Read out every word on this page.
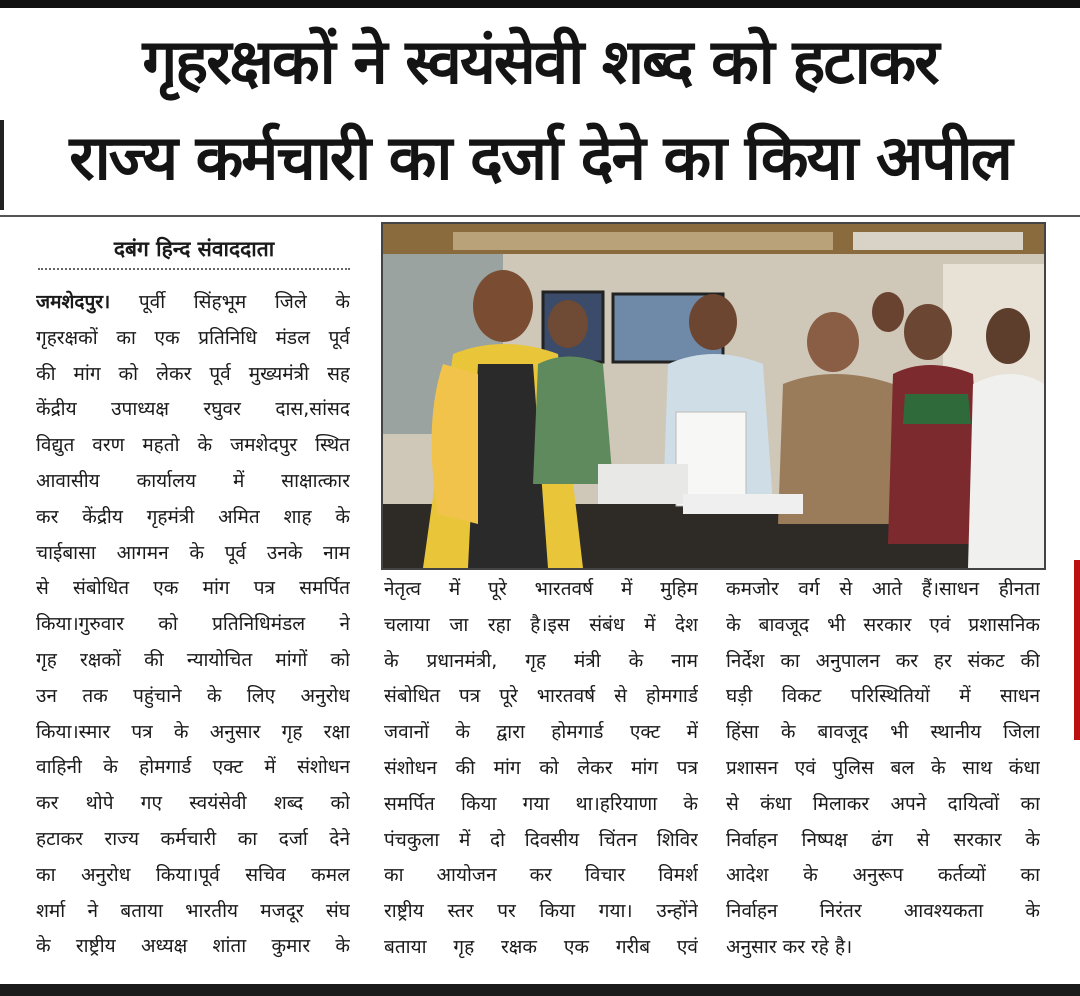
गृहरक्षकों ने स्वयंसेवी शब्द को हटाकर
राज्य कर्मचारी का दर्जा देने का किया अपील
दबंग हिन्द संवाददाता
जमशेदपुर। पूर्वी सिंहभूम जिले के
गृहरक्षकों का एक प्रतिनिधि मंडल पूर्व
की मांग को लेकर पूर्व मुख्यमंत्री सह
केंद्रीय उपाध्यक्ष रघुवर दास,सांसद
विद्युत वरण महतो के जमशेदपुर स्थित
आवासीय कार्यालय में साक्षात्कार
कर केंद्रीय गृहमंत्री अमित शाह के
चाईबासा आगमन के पूर्व उनके नाम
से संबोधित एक मांग पत्र समर्पित
किया।गुरुवार को प्रतिनिधिमंडल ने
गृह रक्षकों की न्यायोचित मांगों को
उन तक पहुंचाने के लिए अनुरोध
किया।स्मार पत्र के अनुसार गृह रक्षा
वाहिनी के होमगार्ड एक्ट में संशोधन
कर थोपे गए स्वयंसेवी शब्द को
हटाकर राज्य कर्मचारी का दर्जा देने
का अनुरोध किया।पूर्व सचिव कमल
शर्मा ने बताया भारतीय मजदूर संघ
के राष्ट्रीय अध्यक्ष शांता कुमार के
नेतृत्व में पूरे भारतवर्ष में मुहिम
चलाया जा रहा है।इस संबंध में देश
के प्रधानमंत्री, गृह मंत्री के नाम
संबोधित पत्र पूरे भारतवर्ष से होमगार्ड
जवानों के द्वारा होमगार्ड एक्ट में
संशोधन की मांग को लेकर मांग पत्र
समर्पित किया गया था।हरियाणा के
पंचकुला में दो दिवसीय चिंतन शिविर
का आयोजन कर विचार विमर्श
राष्ट्रीय स्तर पर किया गया। उन्होंने
बताया गृह रक्षक एक गरीब एवं
कमजोर वर्ग से आते हैं।साधन हीनता
के बावजूद भी सरकार एवं प्रशासनिक
निर्देश का अनुपालन कर हर संकट की
घड़ी विकट परिस्थितियों में साधन
हिंसा के बावजूद भी स्थानीय जिला
प्रशासन एवं पुलिस बल के साथ कंधा
से कंधा मिलाकर अपने दायित्वों का
निर्वाहन निष्पक्ष ढंग से सरकार के
आदेश के अनुरूप कर्तव्यों का
निर्वाहन निरंतर आवश्यकता के
अनुसार कर रहे है।
